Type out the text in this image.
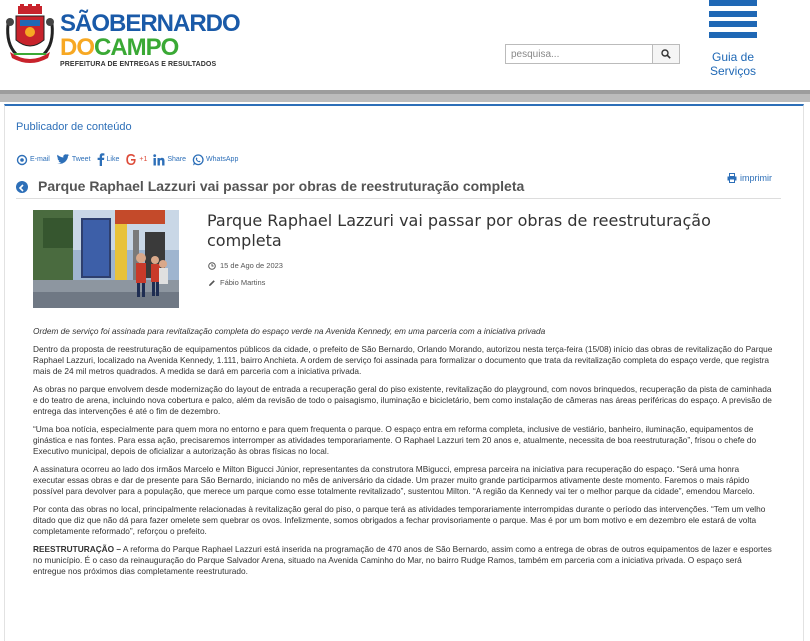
SÃOBERNARDO
DOCAMPO
PREFEITURA DE ENTREGAS E RESULTADOS
pesquisa...
Guia de
Serviços
Publicador de conteúdo
E-mail	Tweet Like	+1	Share	WhatsApp
Parque Raphael Lazzuri vai passar por obras de reestruturação completa	imprimir
Parque Raphael Lazzuri vai passar por obras de reestruturação completa
15 de Ago de 2023
Fábio Martins

Ordem de serviço foi assinada para revitalização completa do espaço verde na Avenida Kennedy, em uma parceria com a iniciativa privada

Dentro da proposta de reestruturação de equipamentos públicos da cidade, o prefeito de São Bernardo, Orlando Morando, autorizou nesta terça-feira (15/08) início das obras de revitalização do Parque Raphael Lazzuri, localizado na Avenida Kennedy, 1.111, bairro Anchieta. A ordem de serviço foi assinada para formalizar o documento que trata da revitalização completa do espaço verde, que registra mais de 24 mil metros quadrados. A medida se dará em parceria com a iniciativa privada.

As obras no parque envolvem desde modernização do layout de entrada a recuperação geral do piso existente, revitalização do playground, com novos brinquedos, recuperação da pista de caminhada e do teatro de arena, incluindo nova cobertura e palco, além da revisão de todo o paisagismo, iluminação e bicicletário, bem como instalação de câmeras nas áreas periféricas do espaço. A previsão de entrega das intervenções é até o fim de dezembro.

“Uma boa notícia, especialmente para quem mora no entorno e para quem frequenta o parque. O espaço entra em reforma completa, inclusive de vestiário, banheiro, iluminação, equipamentos de ginástica e nas fontes. Para essa ação, precisaremos interromper as atividades temporariamente. O Raphael Lazzuri tem 20 anos e, atualmente, necessita de boa reestruturação”, frisou o chefe do Executivo municipal, depois de oficializar a autorização às obras físicas no local.

A assinatura ocorreu ao lado dos irmãos Marcelo e Milton Bigucci Júnior, representantes da construtora MBigucci, empresa parceira na iniciativa para recuperação do espaço. “Será uma honra executar essas obras e dar de presente para São Bernardo, iniciando no mês de aniversário da cidade. Um prazer muito grande participarmos ativamente deste momento. Faremos o mais rápido possível para devolver para a população, que merece um parque como esse totalmente revitalizado”, sustentou Milton. “A região da Kennedy vai ter o melhor parque da cidade”, emendou Marcelo.

Por conta das obras no local, principalmente relacionadas à revitalização geral do piso, o parque terá as atividades temporariamente interrompidas durante o período das intervenções. “Tem um velho ditado que diz que não dá para fazer omelete sem quebrar os ovos. Infelizmente, somos obrigados a fechar provisoriamente o parque. Mas é por um bom motivo e em dezembro ele estará de volta completamente reformado”, reforçou o prefeito.

REESTRUTURAÇÃO – A reforma do Parque Raphael Lazzuri está inserida na programação de 470 anos de São Bernardo, assim como a entrega de obras de outros equipamentos de lazer e esportes no município. É o caso da reinauguração do Parque Salvador Arena, situado na Avenida Caminho do Mar, no bairro Rudge Ramos, também em parceria com a iniciativa privada. O espaço será entregue nos próximos dias completamente reestruturado.
